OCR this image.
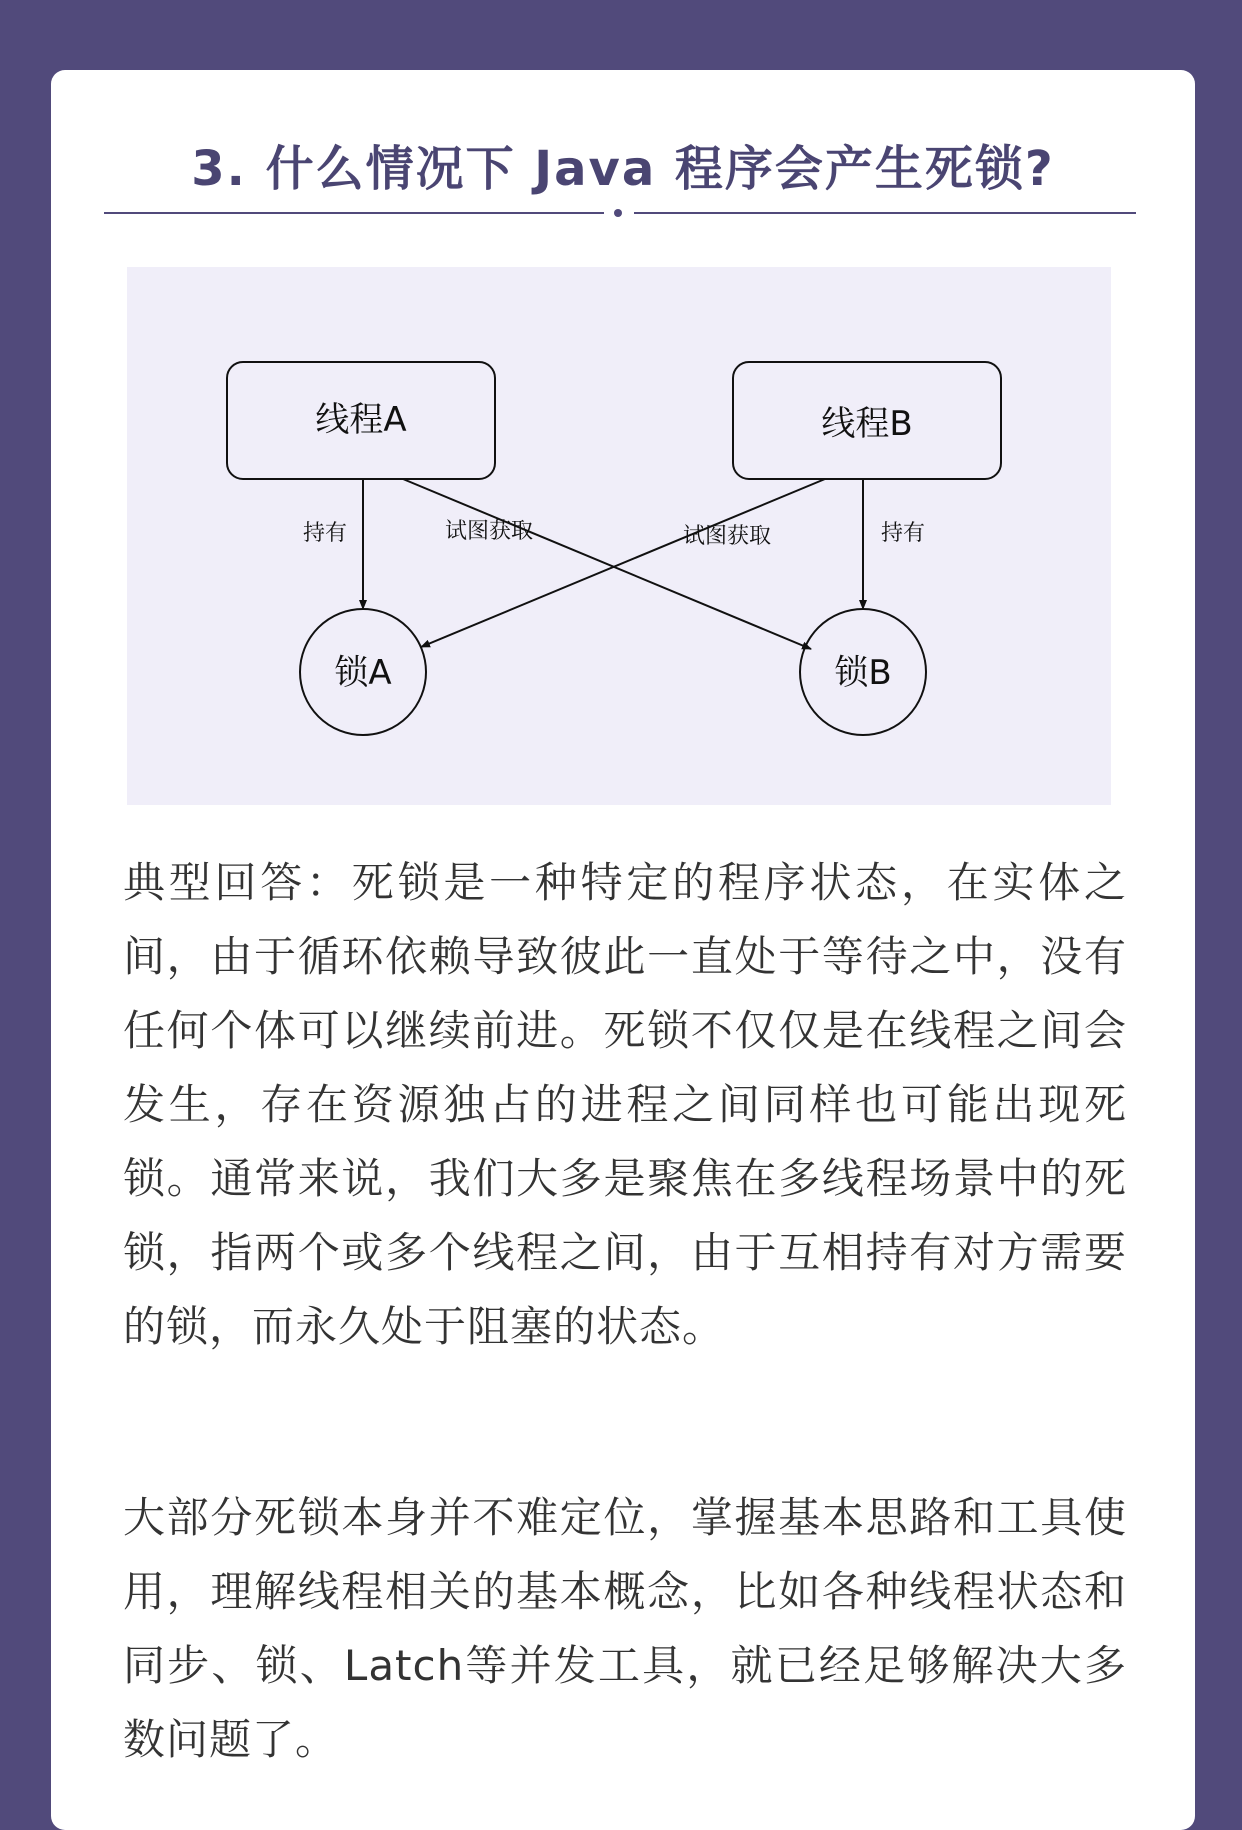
3. 什么情况下 Java 程序会产生死锁?
线程A	线程B
锁A	锁B
持有	持有
试图获取	试图获取

典型回答：死锁是一种特定的程序状态，在实体之间，由于循环依赖导致彼此一直处于等待之中，没有任何个体可以继续前进。死锁不仅仅是在线程之间会发生，存在资源独占的进程之间同样也可能出现死锁。通常来说，我们大多是聚焦在多线程场景中的死锁，指两个或多个线程之间，由于互相持有对方需要的锁，而永久处于阻塞的状态。

大部分死锁本身并不难定位，掌握基本思路和工具使用，理解线程相关的基本概念，比如各种线程状态和同步、锁、Latch等并发工具，就已经足够解决大多数问题了。
